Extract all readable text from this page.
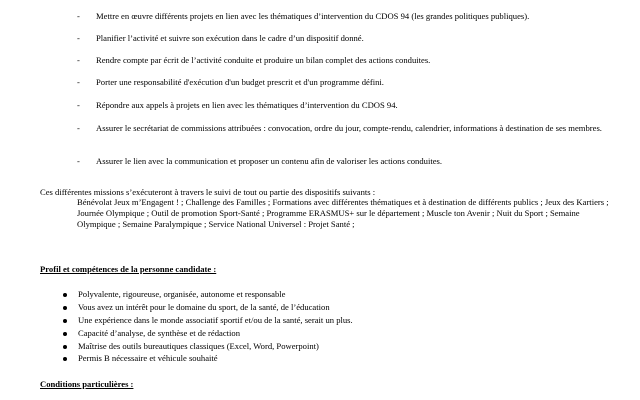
- Mettre en œuvre différents projets en lien avec les thématiques d’intervention du CDOS 94 (les grandes politiques publiques).
- Planifier l’activité et suivre son exécution dans le cadre d’un dispositif donné.
- Rendre compte par écrit de l’activité conduite et produire un bilan complet des actions conduites.
- Porter une responsabilité d'exécution d'un budget prescrit et d'un programme défini.
- Répondre aux appels à projets en lien avec les thématiques d’intervention du CDOS 94.
- Assurer le secrétariat de commissions attribuées : convocation, ordre du jour, compte-rendu, calendrier, informations à destination de ses membres.
- Assurer le lien avec la communication et proposer un contenu afin de valoriser les actions conduites.
Ces différentes missions s’exécuteront à travers le suivi de tout ou partie des dispositifs suivants :
Bénévolat Jeux m’Engagent ! ; Challenge des Familles ; Formations avec différentes thématiques et à destination de différents publics ; Jeux des Kartiers ; Journée Olympique ; Outil de promotion Sport-Santé ; Programme ERASMUS+ sur le département ; Muscle ton Avenir ; Nuit du Sport ; Semaine Olympique ; Semaine Paralympique ; Service National Universel : Projet Santé ;
Profil et compétences de la personne candidate :
Polyvalente, rigoureuse, organisée, autonome et responsable
Vous avez un intérêt pour le domaine du sport, de la santé, de l’éducation
Une expérience dans le monde associatif sportif et/ou de la santé, serait un plus.
Capacité d’analyse, de synthèse et de rédaction
Maîtrise des outils bureautiques classiques (Excel, Word, Powerpoint)
Permis B nécessaire et véhicule souhaité
Conditions particulières :
